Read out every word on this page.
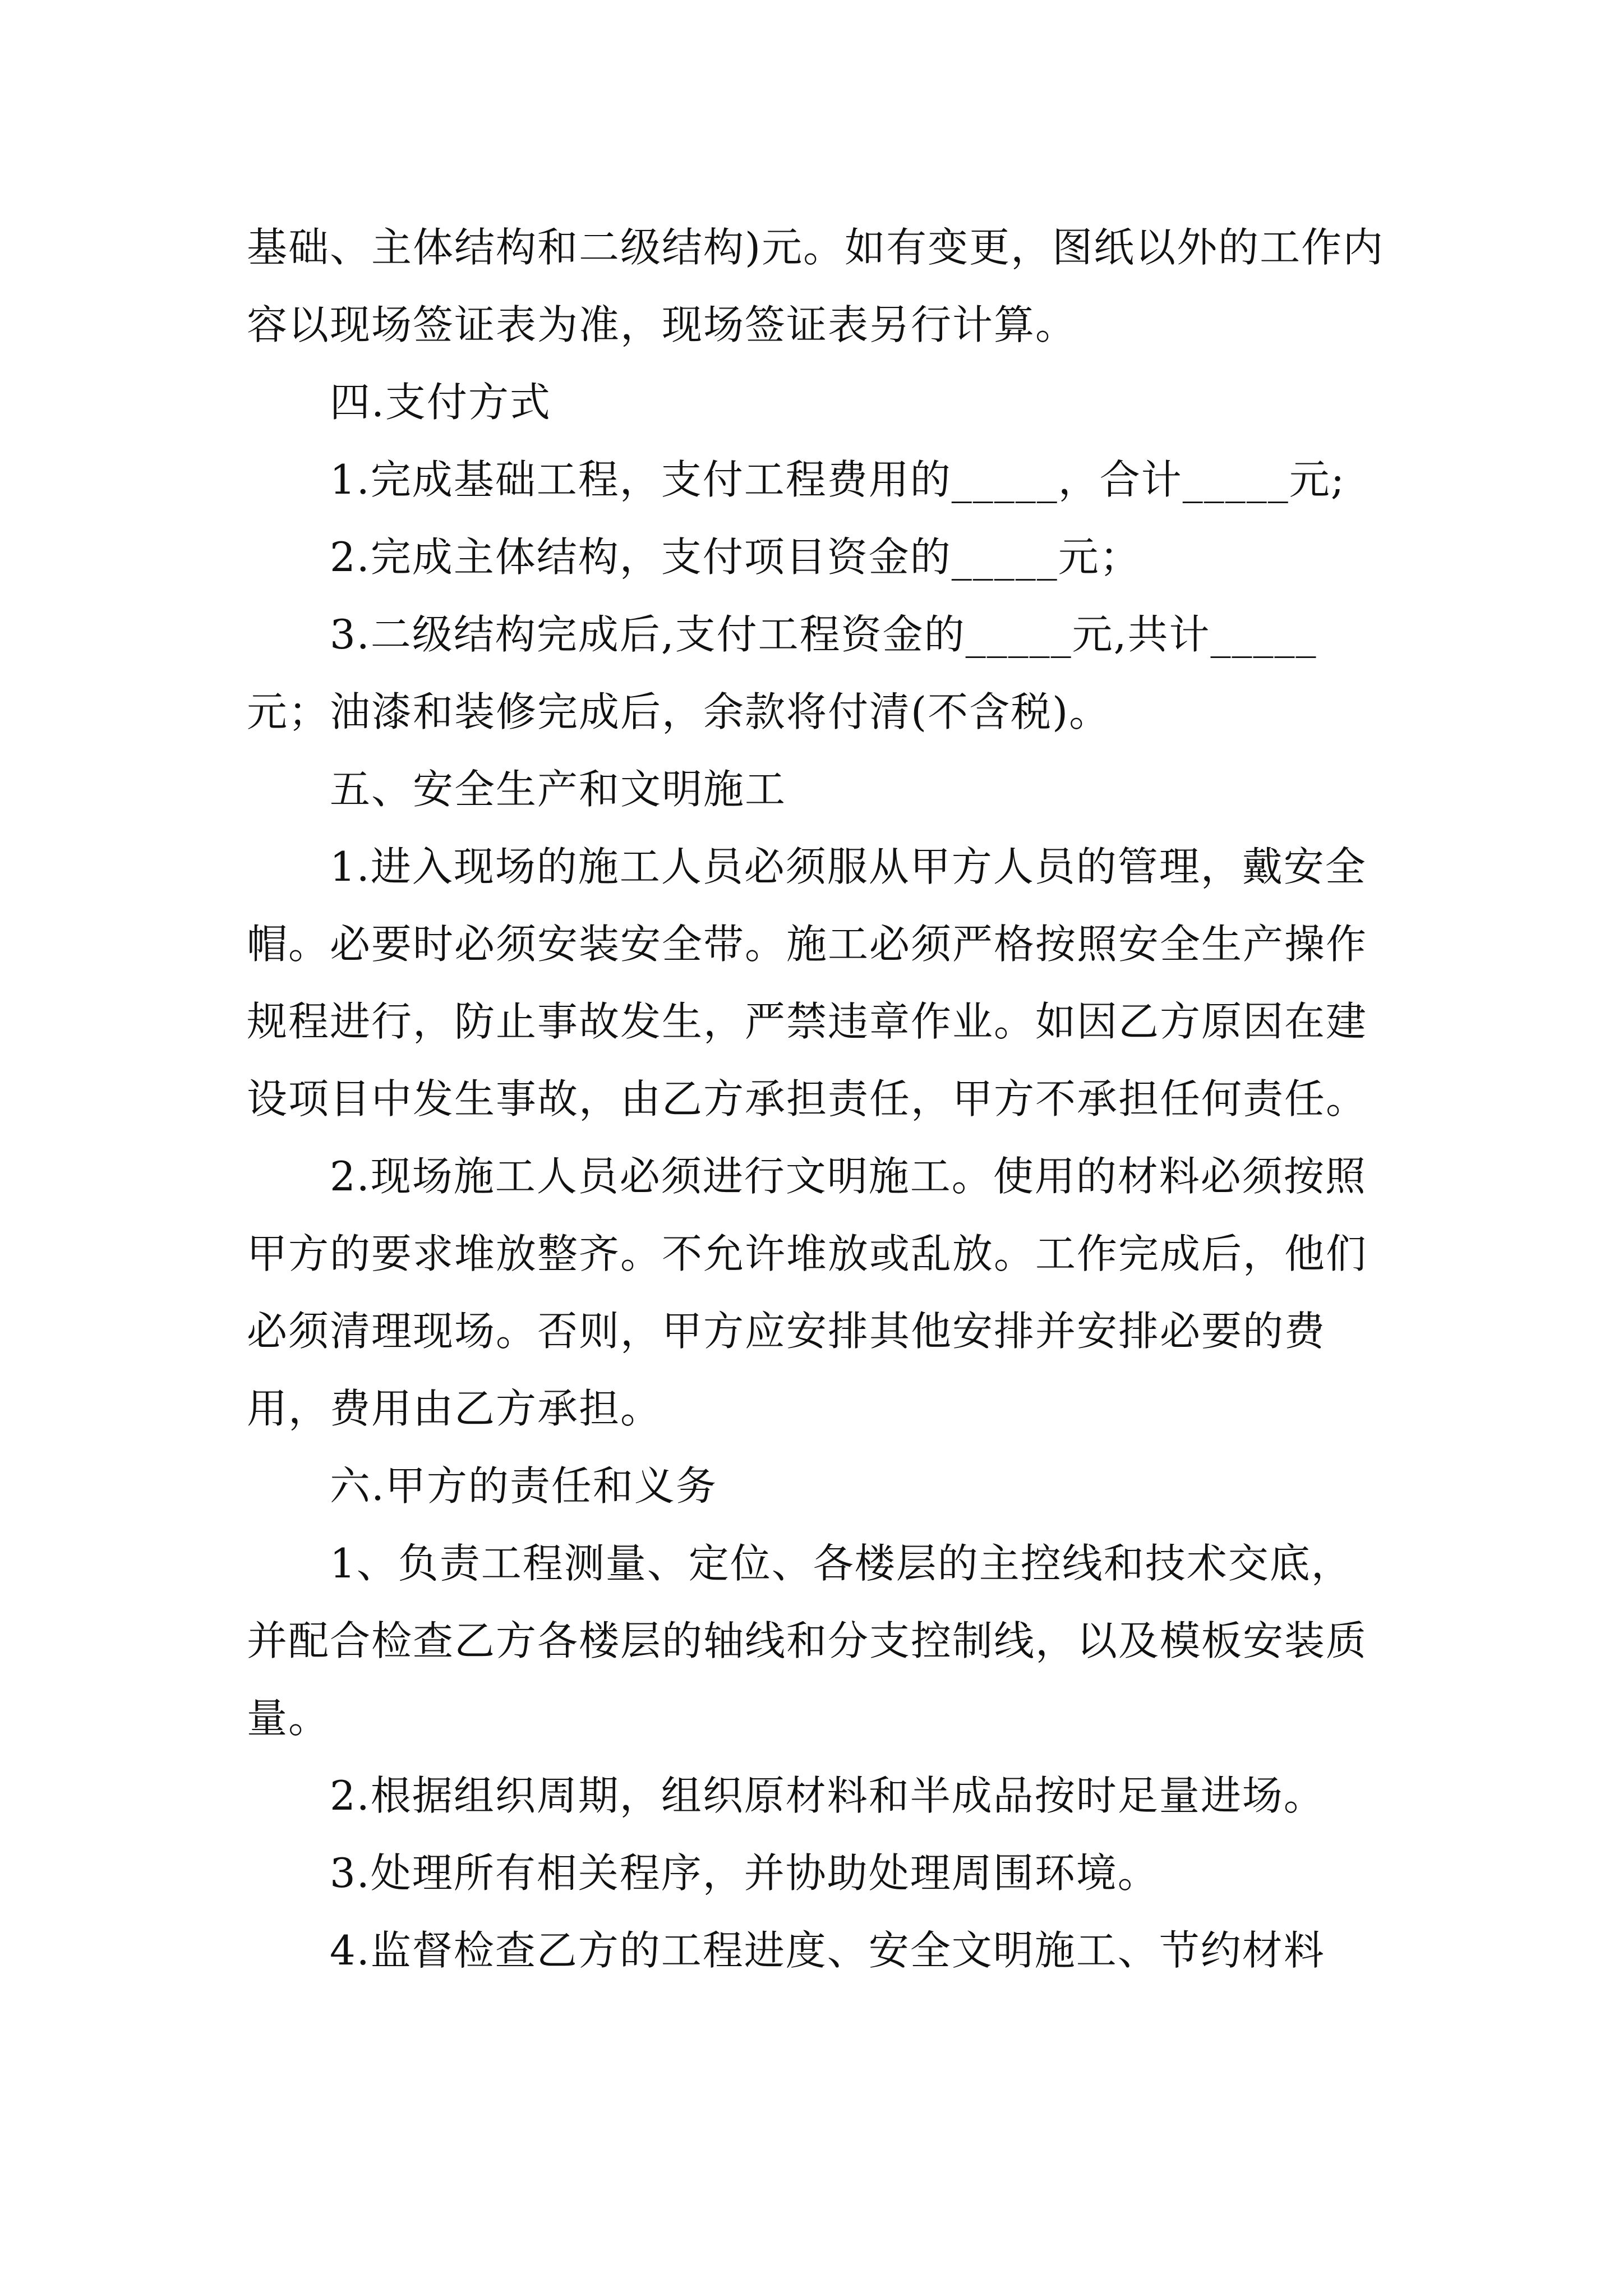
基础、主体结构和二级结构)元。如有变更，图纸以外的工作内容以现场签证表为准，现场签证表另行计算。

四.支付方式

1.完成基础工程，支付工程费用的_____，合计_____元;

2.完成主体结构，支付项目资金的_____元；

3.二级结构完成后,支付工程资金的_____元,共计_____元；油漆和装修完成后，余款将付清(不含税)。

五、安全生产和文明施工

1.进入现场的施工人员必须服从甲方人员的管理，戴安全帽。必要时必须安装安全带。施工必须严格按照安全生产操作规程进行，防止事故发生，严禁违章作业。如因乙方原因在建设项目中发生事故，由乙方承担责任，甲方不承担任何责任。

2.现场施工人员必须进行文明施工。使用的材料必须按照甲方的要求堆放整齐。不允许堆放或乱放。工作完成后，他们必须清理现场。否则，甲方应安排其他安排并安排必要的费用，费用由乙方承担。

六.甲方的责任和义务

1、负责工程测量、定位、各楼层的主控线和技术交底，并配合检查乙方各楼层的轴线和分支控制线，以及模板安装质量。

2.根据组织周期，组织原材料和半成品按时足量进场。

3.处理所有相关程序，并协助处理周围环境。

4.监督检查乙方的工程进度、安全文明施工、节约材料
